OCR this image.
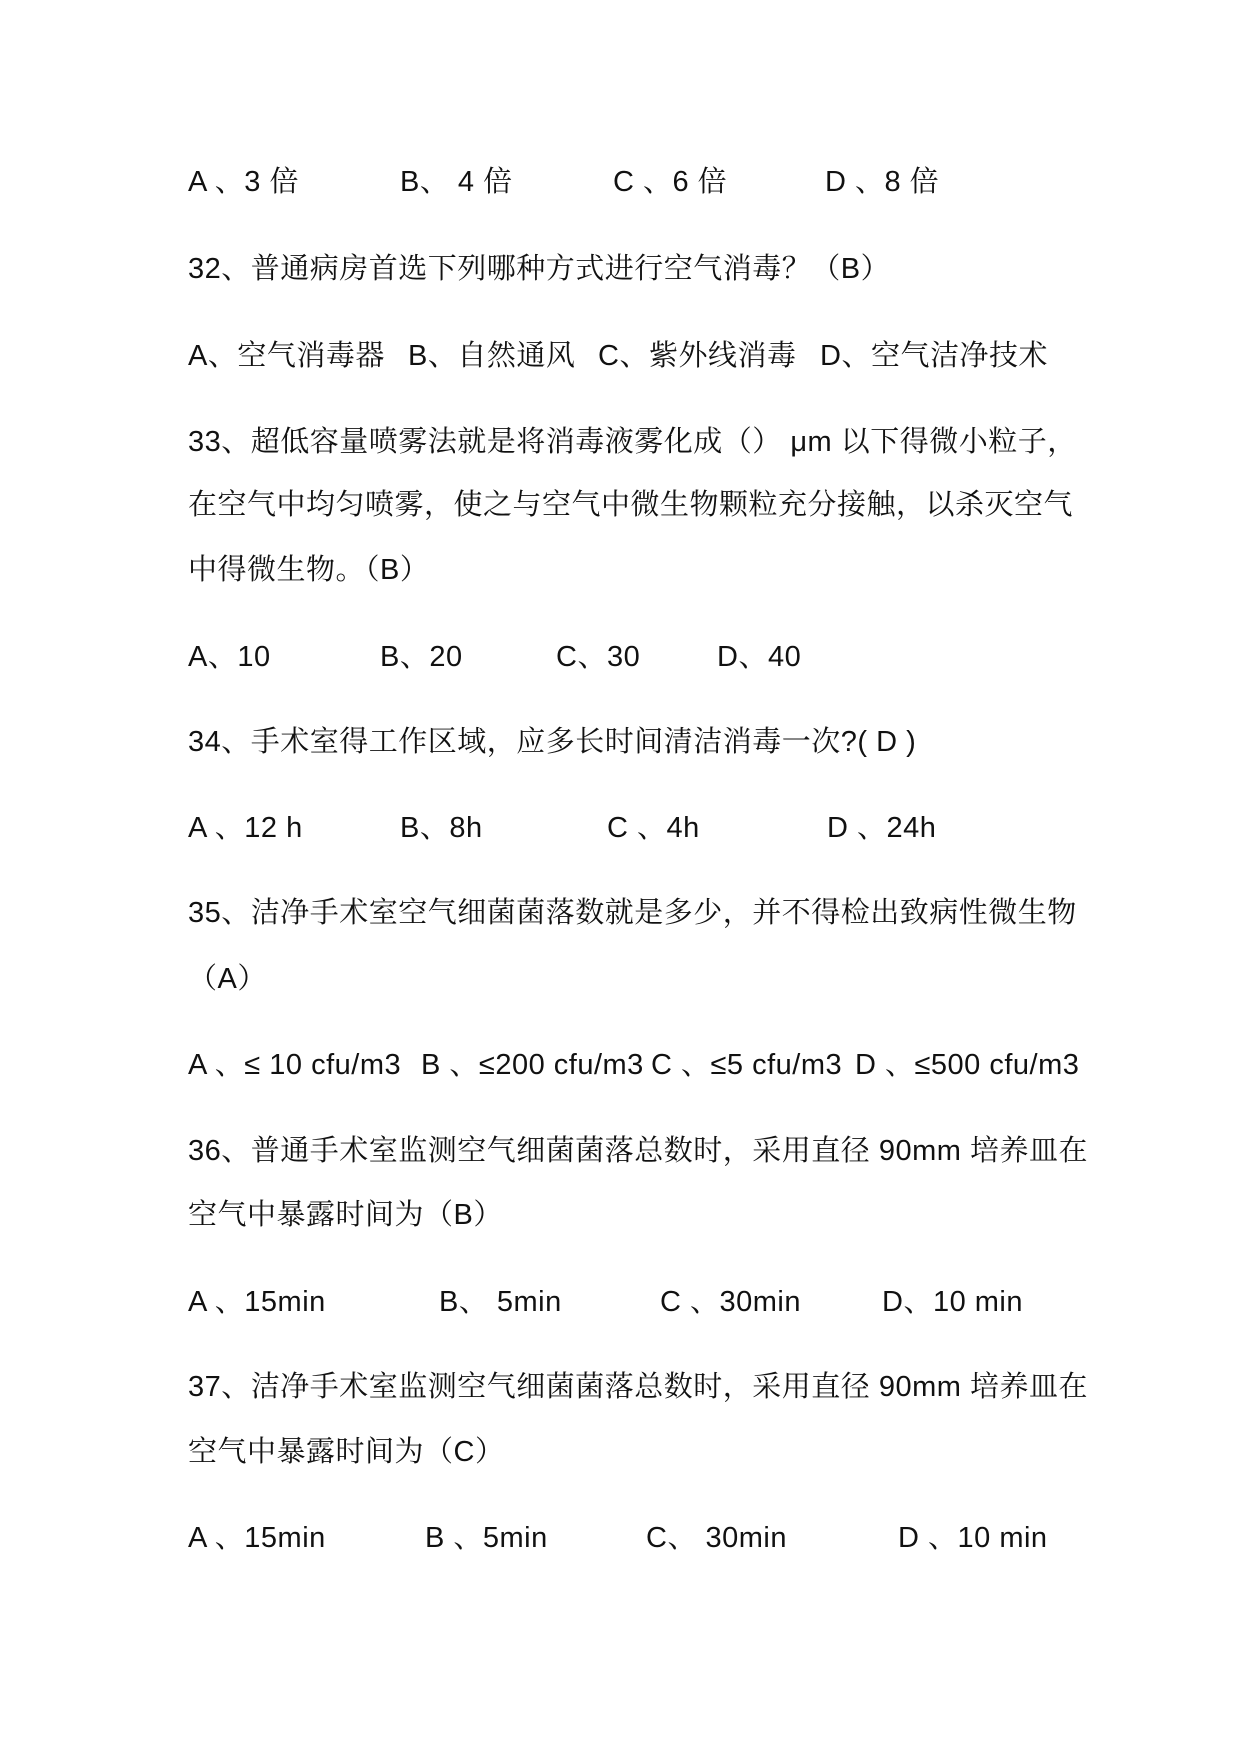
A 、3 倍

	B、 4 倍

	C 、6 倍

	D 、8 倍

32、普通病房首选下列哪种方式进行空气消毒？（B）

A、空气消毒器

B、自然通风

C、紫外线消毒

D、空气洁净技术

33、超低容量喷雾法就是将消毒液雾化成（） μm 以下得微小粒子，
在空气中均匀喷雾，使之与空气中微生物颗粒充分接触，以杀灭空气
中得微生物。（B）

A、10

	B、20

	C、30

	D、40

34、手术室得工作区域，应多长时间清洁消毒一次?( D )

A 、12 h

	B、8h

	C 、4h

	D 、24h

35、洁净手术室空气细菌菌落数就是多少，并不得检出致病性微生物
（A）

A 、≤ 10 cfu/m3

B 、≤200 cfu/m3

C 、≤5 cfu/m3

D 、≤500 cfu/m3

36、普通手术室监测空气细菌菌落总数时，采用直径 90mm 培养皿在
空气中暴露时间为（B）

A 、15min

	B、 5min

	C 、30min

	D、10 min

37、洁净手术室监测空气细菌菌落总数时，采用直径 90mm 培养皿在
空气中暴露时间为（C）

A 、15min

	B 、5min

	C、 30min

	D 、10 min
